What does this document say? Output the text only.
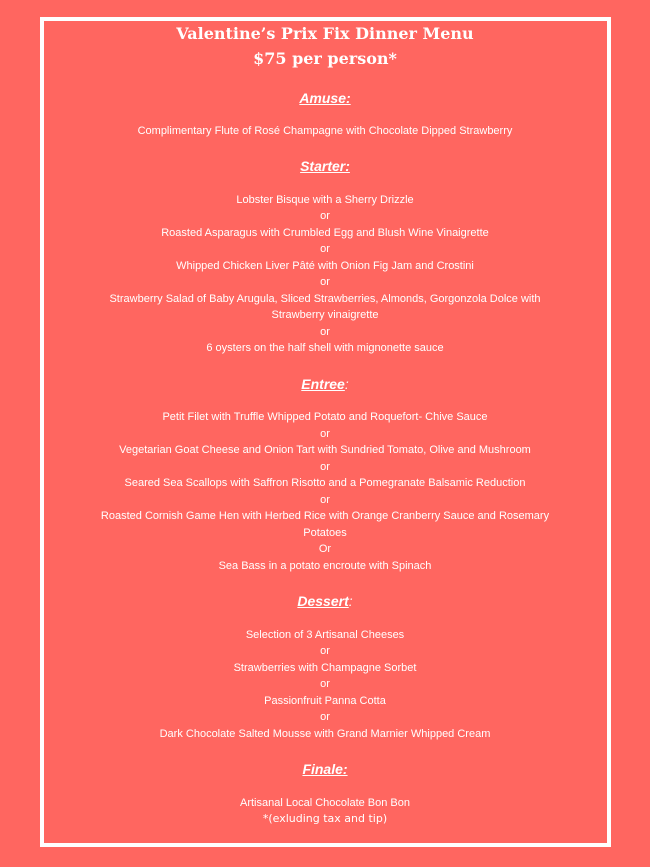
Valentine’s Prix Fix Dinner Menu
$75 per person*
Amuse:
Complimentary Flute of Rosé Champagne with Chocolate Dipped Strawberry
Starter:
Lobster Bisque with a Sherry Drizzle
or
Roasted Asparagus with Crumbled Egg and Blush Wine Vinaigrette
or
Whipped Chicken Liver Pâté with Onion Fig Jam and Crostini
or
Strawberry Salad of Baby Arugula, Sliced Strawberries, Almonds, Gorgonzola Dolce with
Strawberry vinaigrette
or
6 oysters on the half shell with mignonette sauce
Entree:
Petit Filet with Truffle Whipped Potato and Roquefort- Chive Sauce
or
Vegetarian Goat Cheese and Onion Tart with Sundried Tomato, Olive and Mushroom
or
Seared Sea Scallops with Saffron Risotto and a Pomegranate Balsamic Reduction
or
Roasted Cornish Game Hen with Herbed Rice with Orange Cranberry Sauce and Rosemary
Potatoes
Or
Sea Bass in a potato encroute with Spinach
Dessert:
Selection of 3 Artisanal Cheeses
or
Strawberries with Champagne Sorbet
or
Passionfruit Panna Cotta
or
Dark Chocolate Salted Mousse with Grand Marnier Whipped Cream
Finale:
Artisanal Local Chocolate Bon Bon
*(exluding tax and tip)
